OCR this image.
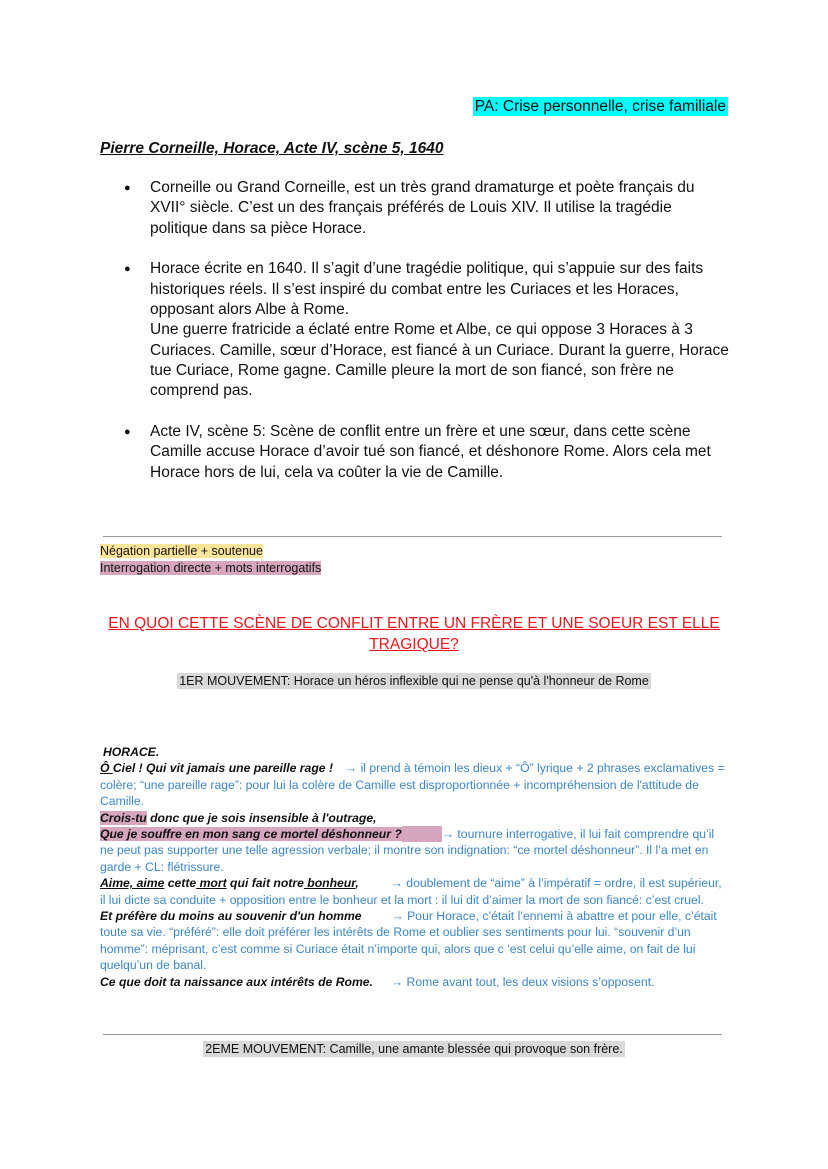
PA: Crise personnelle, crise familiale
Pierre Corneille, Horace, Acte IV, scène 5, 1640

● Corneille ou Grand Corneille, est un très grand dramaturge et poète français du XVII° siècle. C’est un des français préférés de Louis XIV. Il utilise la tragédie politique dans sa pièce Horace.

● Horace écrite en 1640. Il s’agit d’une tragédie politique, qui s’appuie sur des faits historiques réels. Il s’est inspiré du combat entre les Curiaces et les Horaces, opposant alors Albe à Rome.

Une guerre fratricide a éclaté entre Rome et Albe, ce qui oppose 3 Horaces à 3 Curiaces. Camille, sœur d’Horace, est fiancé à un Curiace. Durant la guerre, Horace tue Curiace, Rome gagne. Camille pleure la mort de son fiancé, son frère ne comprend pas.

● Acte IV, scène 5: Scène de conflit entre un frère et une sœur, dans cette scène Camille accuse Horace d’avoir tué son fiancé, et déshonore Rome. Alors cela met Horace hors de lui, cela va coûter la vie de Camille.

Négation partielle + soutenue
Interrogation directe + mots interrogatifs
EN QUOI CETTE SCÈNE DE CONFLIT ENTRE UN FRÈRE ET UNE SOEUR EST ELLE TRAGIQUE?
1ER MOUVEMENT: Horace un héros inflexible qui ne pense qu'à l'honneur de Rome

HORACE.

Ô Ciel ! Qui vit jamais une pareille rage ! → il prend à témoin les dieux + “Ô” lyrique + 2 phrases exclamatives = colère; “une pareille rage”: pour lui la colère de Camille est disproportionnée + incompréhension de l'attitude de Camille.

Crois-tu donc que je sois insensible à l'outrage,

Que je souffre en mon sang ce mortel déshonneur ?	→ tournure interrogative, il lui fait comprendre qu’il ne peut pas supporter une telle agression verbale; il montre son indignation: “ce mortel déshonneur”. Il l’a met en garde + CL: flétrissure.

Aime, aime cette mort qui fait notre bonheur,	→ doublement de “aime” à l’impératif = ordre, il est supérieur, il lui dicte sa conduite + opposition entre le bonheur et la mort : il lui dit d’aimer la mort de son fiancé: c’est cruel.

Et préfère du moins au souvenir d'un homme → Pour Horace, c’était l’ennemi à abattre et pour elle, c’était toute sa vie. “préféré”: elle doit préférer les intérêts de Rome et oublier ses sentiments pour lui. “souvenir d’un homme”: méprisant, c’est comme si Curiace était n’importe qui, alors que c ‘est celui qu’elle aime, on fait de lui quelqu’un de banal.

Ce que doit ta naissance aux intérêts de Rome. → Rome avant tout, les deux visions s’opposent.

2EME MOUVEMENT: Camille, une amante blessée qui provoque son frère.
